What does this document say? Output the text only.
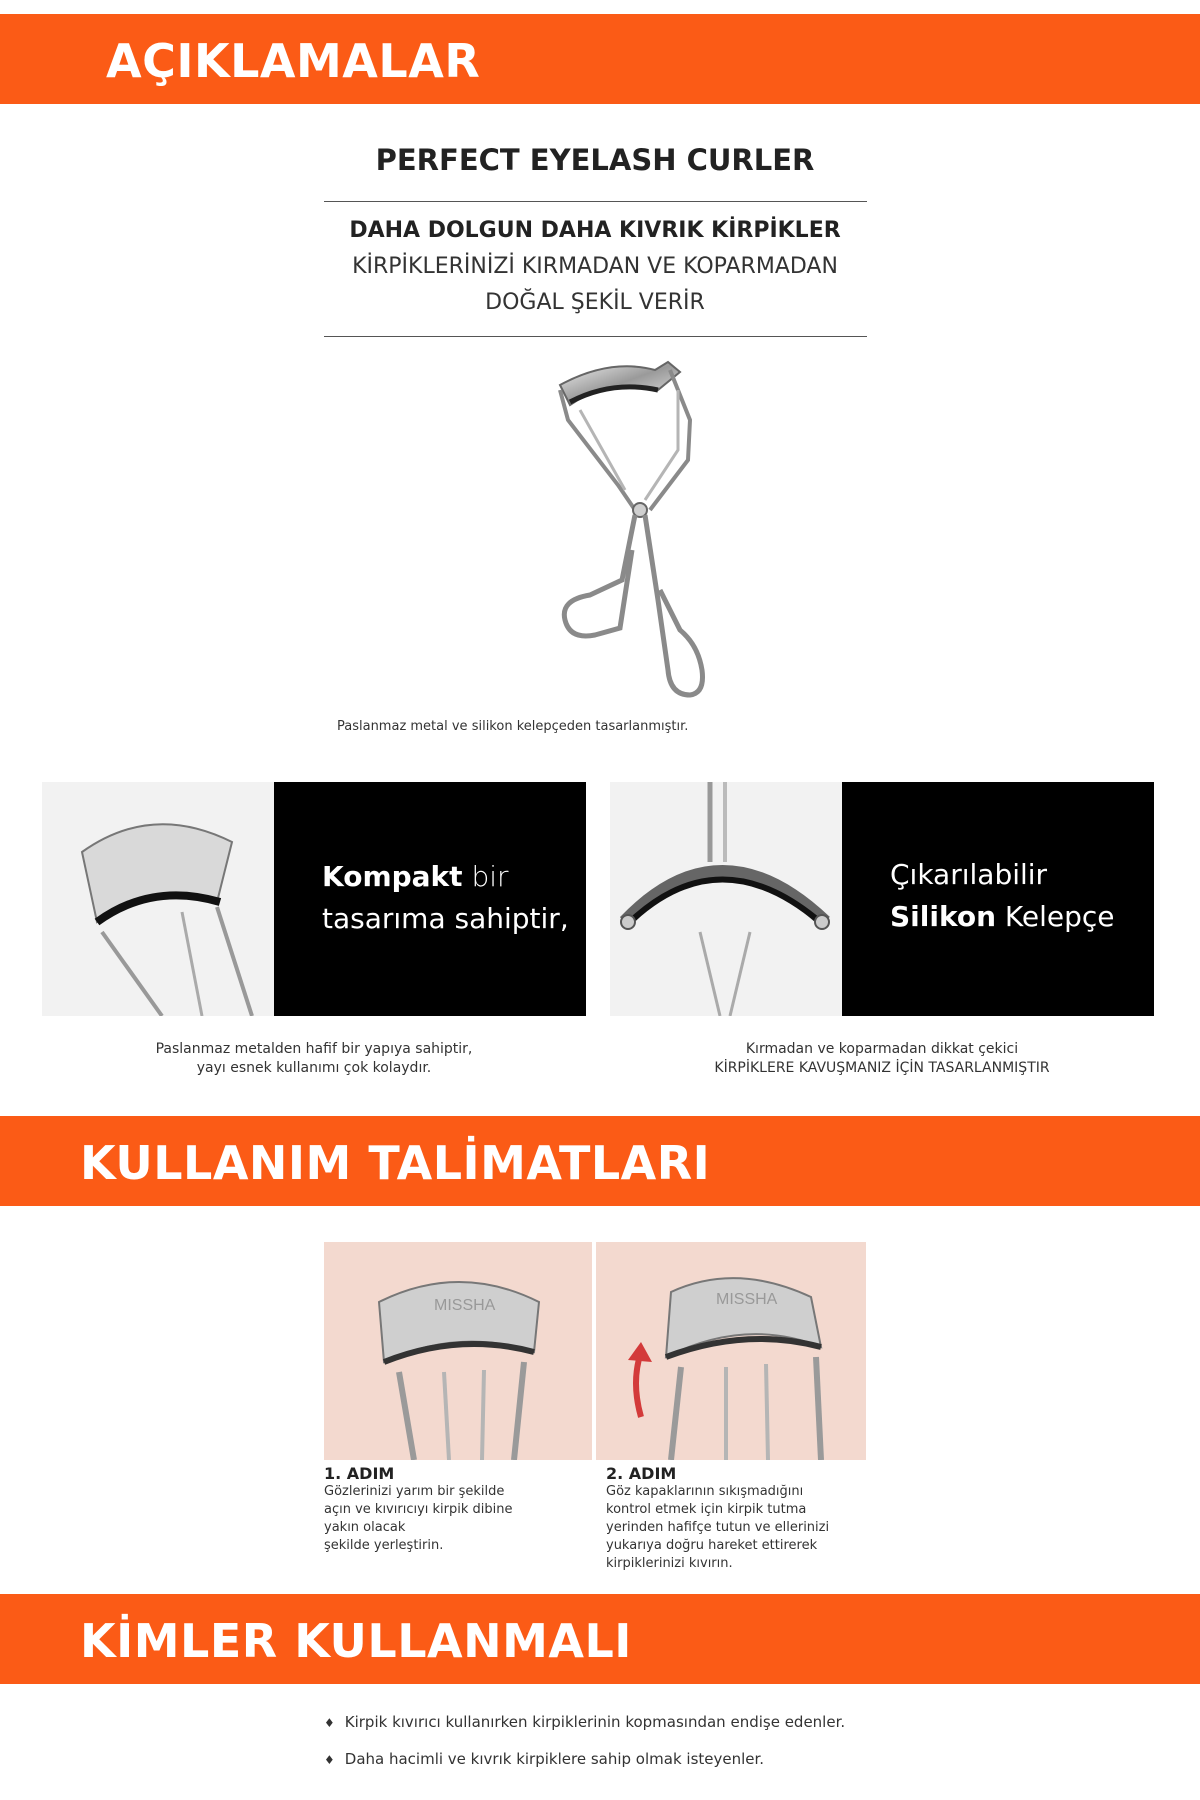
AÇIKLAMALAR
PERFECT EYELASH CURLER
DAHA DOLGUN DAHA KIVRIK KİRPİKLER
KİRPİKLERİNİZİ KIRMADAN VE KOPARMADAN
DOĞAL ŞEKİL VERİR
Paslanmaz metal ve silikon kelepçeden tasarlanmıştır.
Kompakt bir
tasarıma sahiptir,
Paslanmaz metalden hafif bir yapıya sahiptir,
yayı esnek kullanımı çok kolaydır.
Çıkarılabilir
Silikon Kelepçe
Kırmadan ve koparmadan dikkat çekici
KİRPİKLERE KAVUŞMANIZ İÇİN TASARLANMIŞTIR
KULLANIM TALİMATLARI
MISSHA	MISSHA
1. ADIM
Gözlerinizi yarım bir şekilde
açın ve kıvırıcıyı kirpik dibine
yakın olacak
şekilde yerleştirin.
2. ADIM
Göz kapaklarının sıkışmadığını
kontrol etmek için kirpik tutma
yerinden hafifçe tutun ve ellerinizi
yukarıya doğru hareket ettirerek
kirpiklerinizi kıvırın.
KİMLER KULLANMALI
♦ Kirpik kıvırıcı kullanırken kirpiklerinin kopmasından endişe edenler.
♦ Daha hacimli ve kıvrık kirpiklere sahip olmak isteyenler.
